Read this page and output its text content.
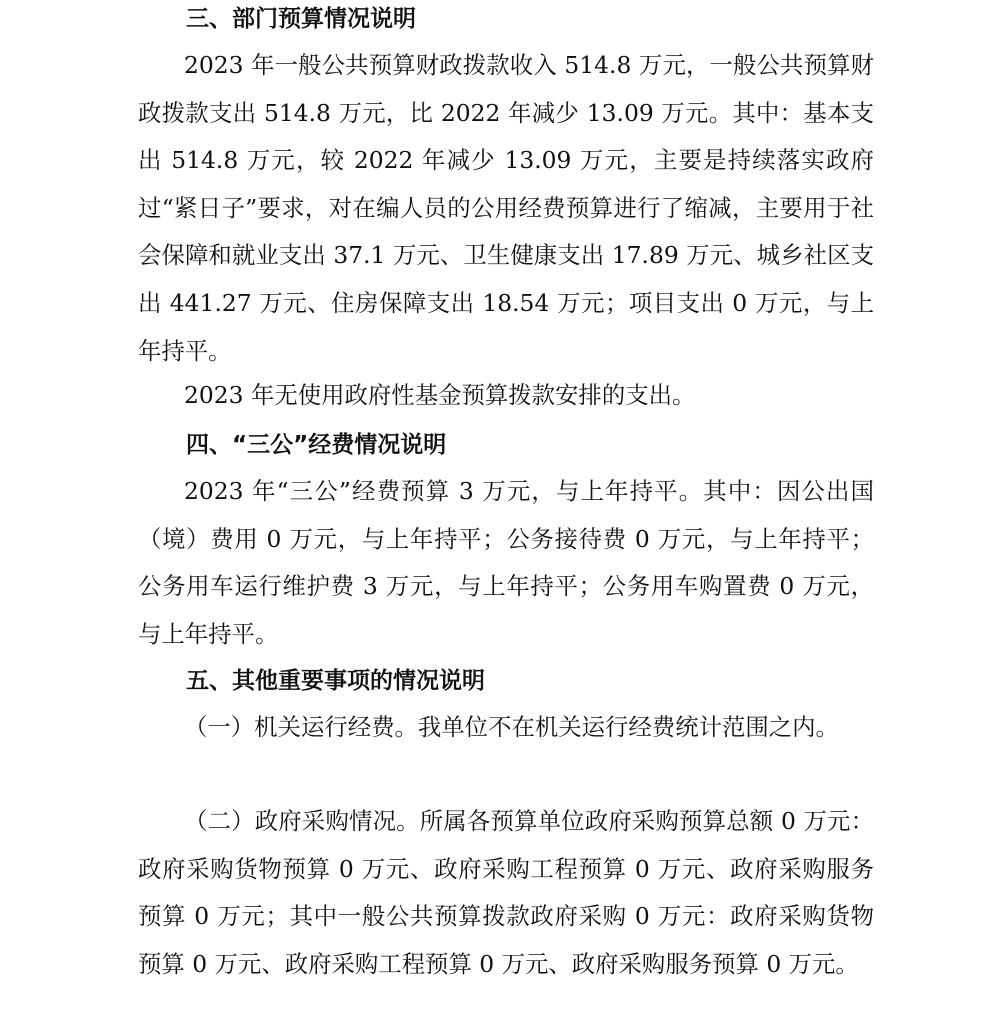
三、部门预算情况说明

2023 年一般公共预算财政拨款收入 514.8 万元，一般公共预算财政拨款支出 514.8 万元，比 2022 年减少 13.09 万元。其中：基本支出 514.8 万元，较 2022 年减少 13.09 万元，主要是持续落实政府过“紧日子”要求，对在编人员的公用经费预算进行了缩减，主要用于社会保障和就业支出 37.1 万元、卫生健康支出 17.89 万元、城乡社区支出 441.27 万元、住房保障支出 18.54 万元；项目支出 0 万元，与上年持平。

2023 年无使用政府性基金预算拨款安排的支出。

四、“三公”经费情况说明

2023 年“三公”经费预算 3 万元，与上年持平。其中：因公出国（境）费用 0 万元，与上年持平；公务接待费 0 万元，与上年持平；公务用车运行维护费 3 万元，与上年持平；公务用车购置费 0 万元，与上年持平。

五、其他重要事项的情况说明

（一）机关运行经费。我单位不在机关运行经费统计范围之内。

（二）政府采购情况。所属各预算单位政府采购预算总额 0 万元：政府采购货物预算 0 万元、政府采购工程预算 0 万元、政府采购服务预算 0 万元；其中一般公共预算拨款政府采购 0 万元：政府采购货物预算 0 万元、政府采购工程预算 0 万元、政府采购服务预算 0 万元。
